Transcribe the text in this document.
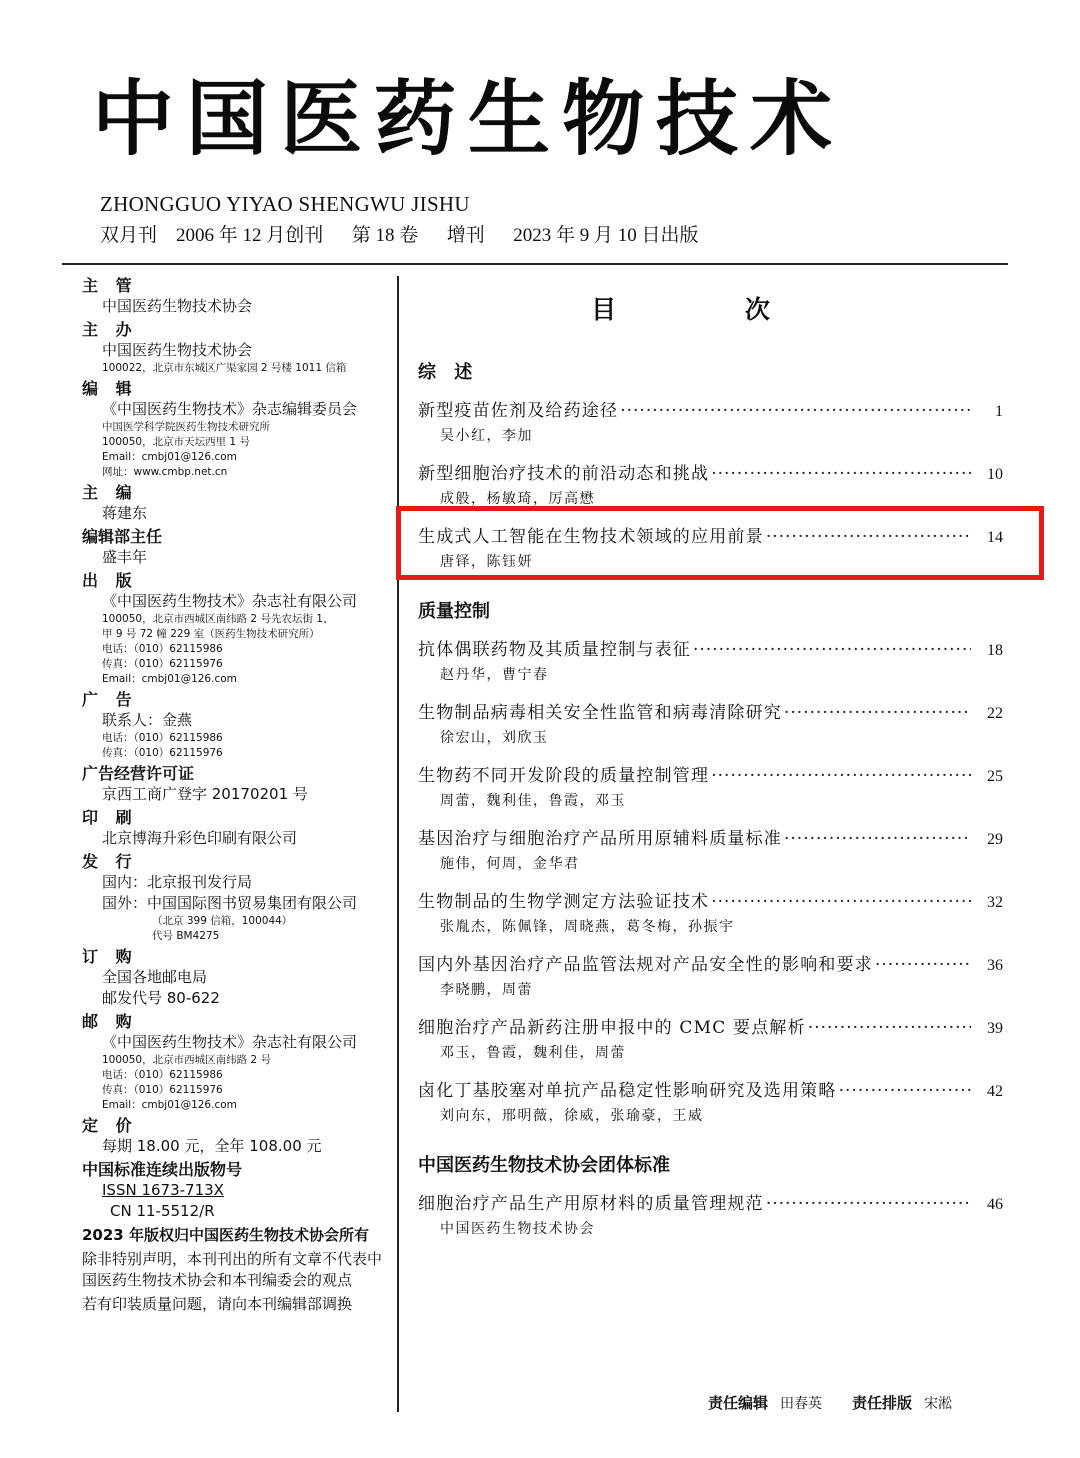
中国医药生物技术
ZHONGGUO YIYAO SHENGWU JISHU
双月刊    2006 年 12 月创刊      第 18 卷      增刊      2023 年 9 月 10 日出版
主 管
中国医药生物技术协会
主 办
中国医药生物技术协会
100022，北京市东城区广渠家园 2 号楼 1011 信箱
编 辑
《中国医药生物技术》杂志编辑委员会
中国医学科学院医药生物技术研究所
100050，北京市天坛西里 1 号
Email：cmbj01@126.com
网址：www.cmbp.net.cn
主 编
蒋建东
编辑部主任
盛丰年
出 版
《中国医药生物技术》杂志社有限公司
100050，北京市西城区南纬路 2 号先农坛街 1、
甲 9 号 72 幢 229 室（医药生物技术研究所）
电话：（010）62115986
传真：（010）62115976
Email：cmbj01@126.com
广 告
联系人：金燕
电话：（010）62115986
传真：（010）62115976
广告经营许可证
京西工商广登字 20170201 号
印 刷
北京博海升彩色印刷有限公司
发 行
国内：北京报刊发行局
国外：中国国际图书贸易集团有限公司
（北京 399 信箱，100044）
代号 BM4275
订 购
全国各地邮电局
邮发代号 80-622
邮 购
《中国医药生物技术》杂志社有限公司
100050，北京市西城区南纬路 2 号
电话：（010）62115986
传真：（010）62115976
Email：cmbj01@126.com
定 价
每期 18.00 元，全年 108.00 元
中国标准连续出版物号
ISSN 1673-713X
CN 11-5512/R
2023 年版权归中国医药生物技术协会所有
除非特别声明，本刊刊出的所有文章不代表中国医药生物技术协会和本刊编委会的观点
若有印装质量问题，请向本刊编辑部调换
目 次
综 述
新型疫苗佐剂及给药途径 ·····	1
吴小红，李加
新型细胞治疗技术的前沿动态和挑战 ·····	10
成般，杨敏琦，厉高懋
生成式人工智能在生物技术领域的应用前景 ·····	14
唐铎，陈钰妍
质量控制
抗体偶联药物及其质量控制与表征 ·····	18
赵丹华，曹宁春
生物制品病毒相关安全性监管和病毒清除研究 ·····	22
徐宏山，刘欣玉
生物药不同开发阶段的质量控制管理 ·····	25
周蕾，魏利佳，鲁霞，邓玉
基因治疗与细胞治疗产品所用原辅料质量标准 ·····	29
施伟，何周，金华君
生物制品的生物学测定方法验证技术 ·····	32
张胤杰，陈佩锋，周晓燕，葛冬梅，孙振宇
国内外基因治疗产品监管法规对产品安全性的影响和要求 ·····	36
李晓鹏，周蕾
细胞治疗产品新药注册申报中的 CMC 要点解析 ·····	39
邓玉，鲁霞，魏利佳，周蕾
卤化丁基胶塞对单抗产品稳定性影响研究及选用策略 ·····	42
刘向东，邢明薇，徐威，张瑜豪，王威
中国医药生物技术协会团体标准
细胞治疗产品生产用原材料的质量管理规范 ·····	46
中国医药生物技术协会
责任编辑 田春英 责任排版 宋淞
